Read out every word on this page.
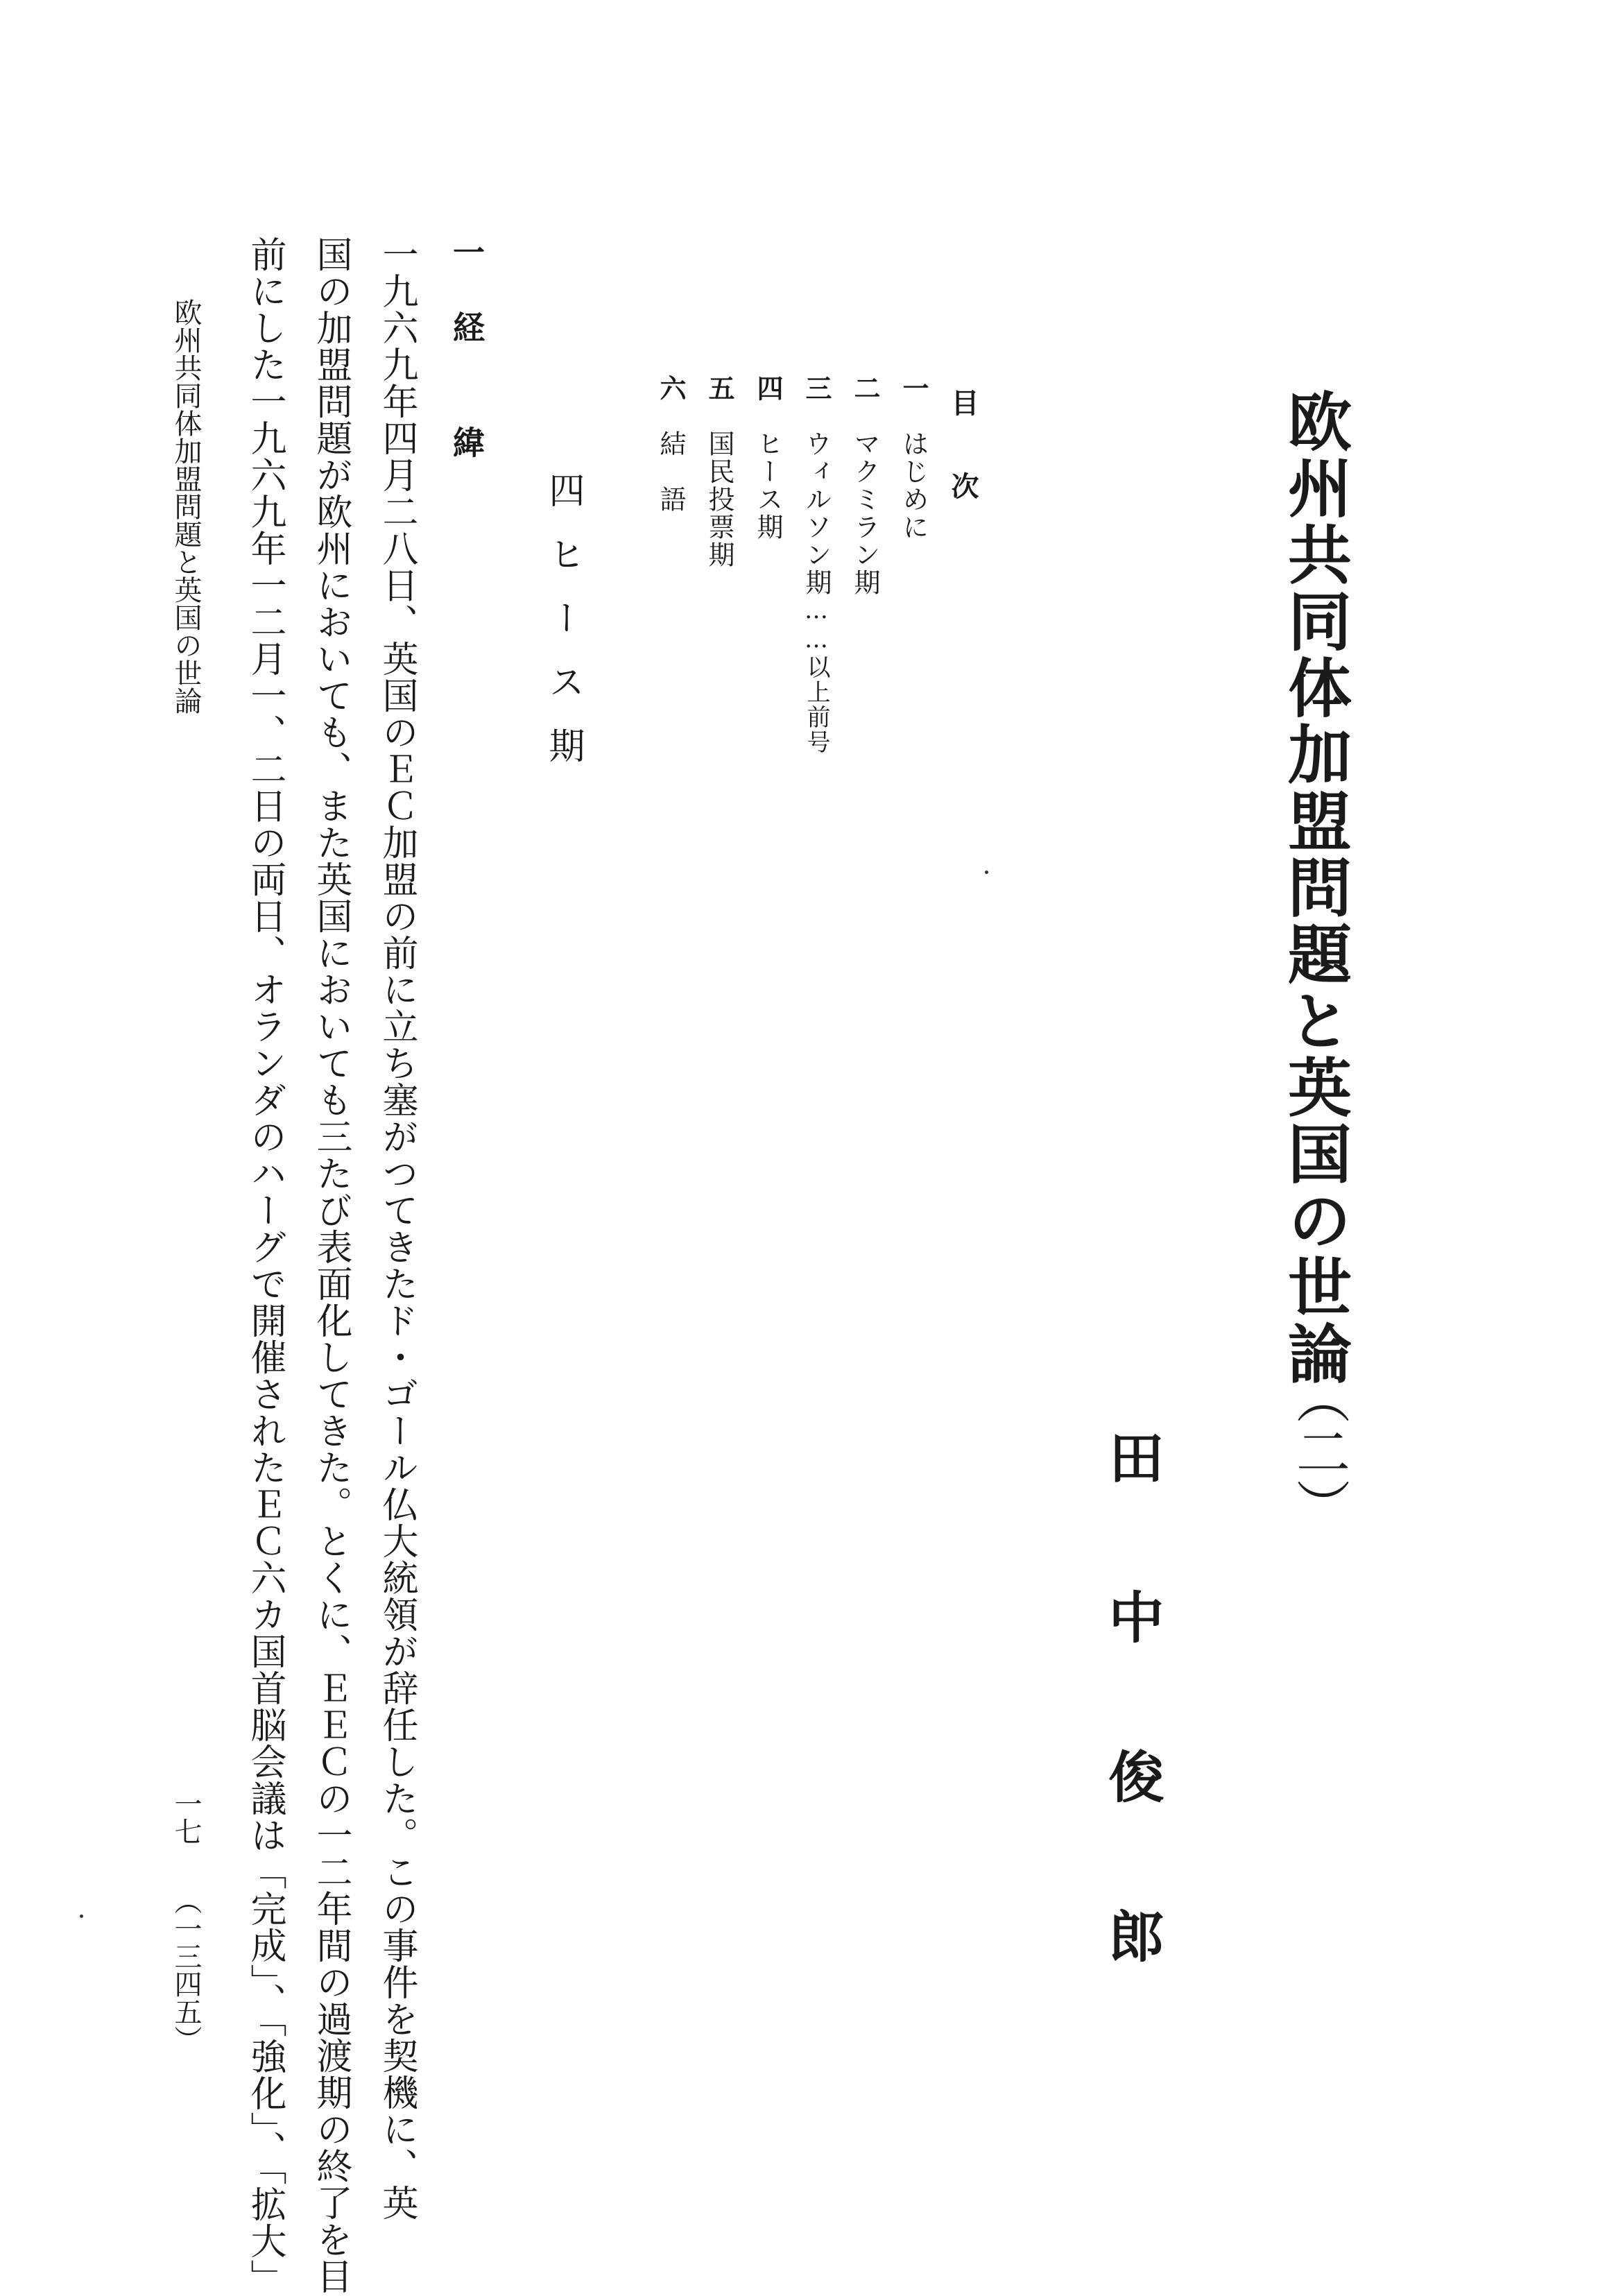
欧州共同体加盟問題と英国の世論
（二）
田中俊郎
目次
一はじめに
二マクミラン期
三ウィルソン期……以上前号
四ヒース期
五国民投票期
六結　語
四ヒース期
一経緯
一九六九年四月二八日、英国のＥＣ加盟の前に立ち塞がつてきたド・ゴール仏大統領が辞任した。この事件を契機に、英
国の加盟問題が欧州においても、また英国においても三たび表面化してきた。とくに、ＥＥＣの一二年間の過渡期の終了を目
前にした一九六九年一二月一、二日の両日、オランダのハーグで開催されたＥＣ六カ国首脳会議は「完成」、「強化」、「拡大」
欧州共同体加盟問題と英国の世論
一七（一三四五）
